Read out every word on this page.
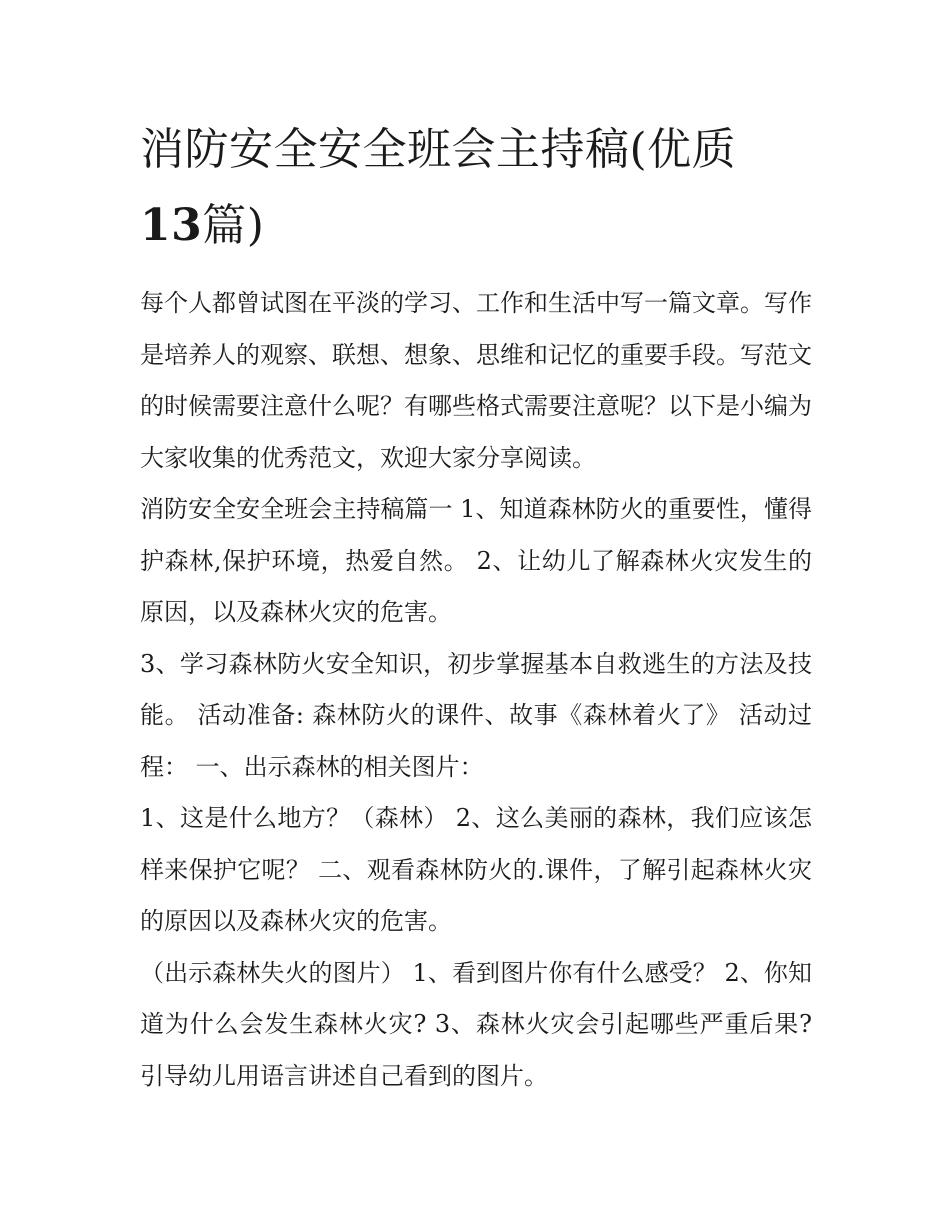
消防安全安全班会主持稿(优质
13篇)

每个人都曾试图在平淡的学习、工作和生活中写一篇文章。写作是培养人的观察、联想、想象、思维和记忆的重要手段。写范文的时候需要注意什么呢？有哪些格式需要注意呢？以下是小编为大家收集的优秀范文，欢迎大家分享阅读。

消防安全安全班会主持稿篇一 1、知道森林防火的重要性，懂得护森林,保护环境，热爱自然。 2、让幼儿了解森林火灾发生的原因，以及森林火灾的危害。

3、学习森林防火安全知识，初步掌握基本自救逃生的方法及技能。 活动准备: 森林防火的课件、故事《森林着火了》 活动过程： 一、出示森林的相关图片：

1、这是什么地方？（森林） 2、这么美丽的森林，我们应该怎样来保护它呢？ 二、观看森林防火的.课件，了解引起森林火灾的原因以及森林火灾的危害。

（出示森林失火的图片） 1、看到图片你有什么感受？ 2、你知道为什么会发生森林火灾? 3、森林火灾会引起哪些严重后果?引导幼儿用语言讲述自己看到的图片。
